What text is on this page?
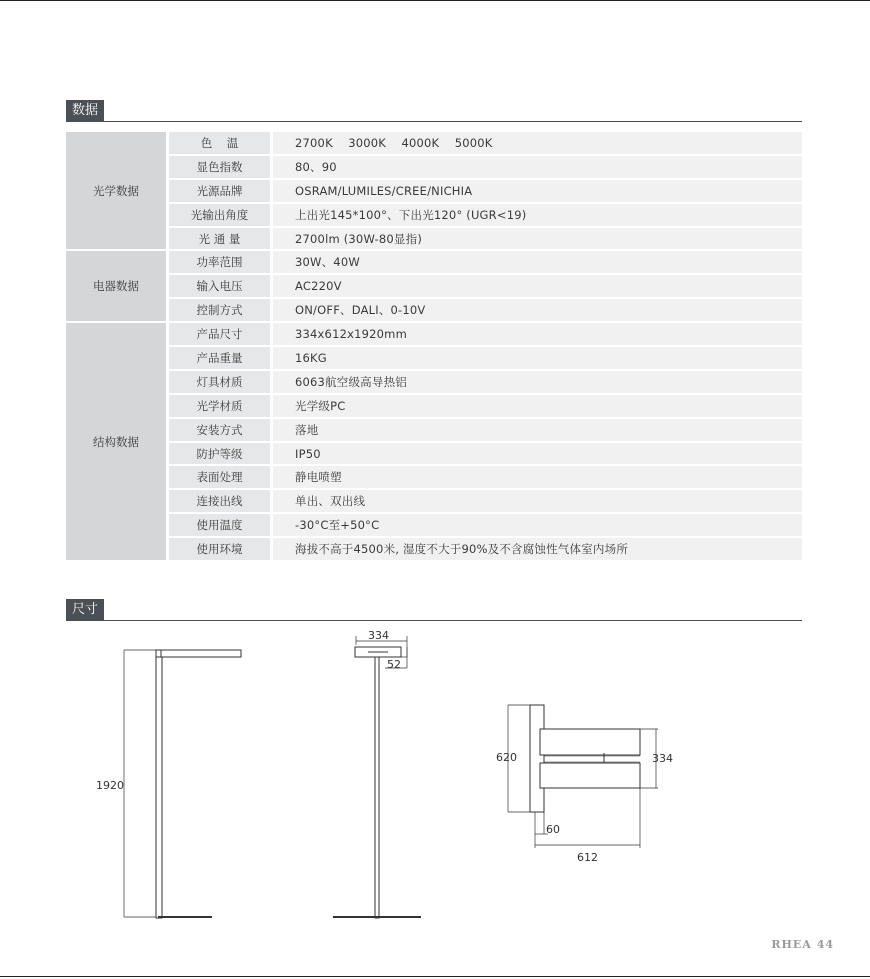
数据
光学数据	色    温	2700K    3000K    4000K    5000K
	显色指数	80、90
	光源品牌	OSRAM/LUMILES/CREE/NICHIA
	光输出角度	上出光145*100°、下出光120° (UGR<19)
	光 通 量	2700lm (30W-80显指)
电器数据	功率范围	30W、40W
	输入电压	AC220V
	控制方式	ON/OFF、DALI、0-10V
结构数据	产品尺寸	334x612x1920mm
	产品重量	16KG
	灯具材质	6063航空级高导热铝
	光学材质	光学级PC
	安装方式	落地
	防护等级	IP50
	表面处理	静电喷塑
	连接出线	单出、双出线
	使用温度	-30°C至+50°C
	使用环境	海拔不高于4500米, 湿度不大于90%及不含腐蚀性气体室内场所
尺寸
1920
334
52
620	334
60
612
RHEA 44
